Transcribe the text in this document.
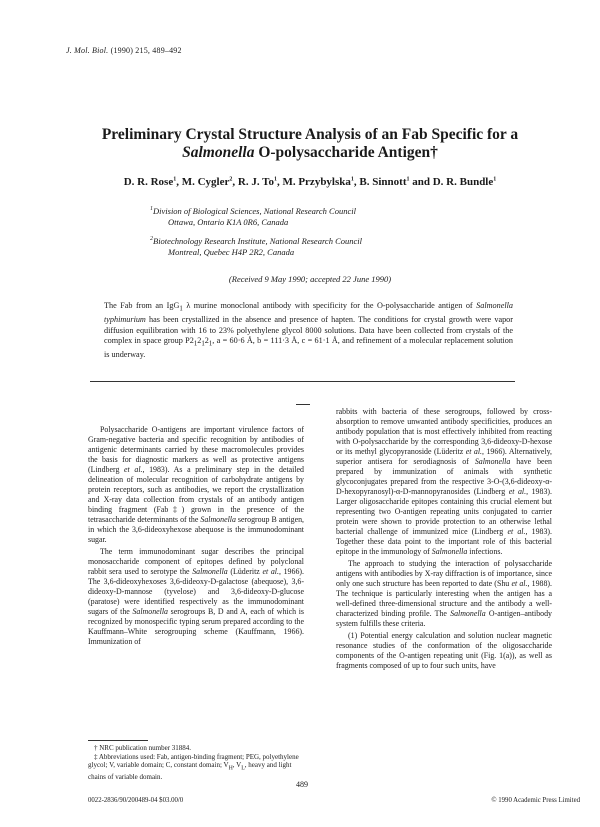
J. Mol. Biol. (1990) 215, 489–492
Preliminary Crystal Structure Analysis of an Fab Specific for a
Salmonella O-polysaccharide Antigen†
D. R. Rose$^1$, M. Cygler$^2$, R. J. To$^1$, M. Przybylska$^1$, B. Sinnott$^1$ and D. R. Bundle$^1$
$^1$Division of Biological Sciences, National Research Council
Ottawa, Ontario K1A 0R6, Canada
$^2$Biotechnology Research Institute, National Research Council
Montreal, Quebec H4P 2R2, Canada
(Received 9 May 1990; accepted 22 June 1990)
The Fab from an IgG$_1$ λ murine monoclonal antibody with specificity for the O-polysaccharide antigen of Salmonella typhimurium has been crystallized in the absence and presence of hapten. The conditions for crystal growth were vapor diffusion equilibration with 16 to 23% polyethylene glycol 8000 solutions. Data have been collected from crystals of the complex in space group $P2_12_12_1$, a = 60·6 Å, b = 111·3 Å, c = 61·1 Å, and refinement of a molecular replacement solution is underway.

Polysaccharide O-antigens are important virulence factors of Gram-negative bacteria and specific recognition by antibodies of antigenic determinants carried by these macromolecules provides the basis for diagnostic markers as well as protective antigens (Lindberg et al., 1983). As a preliminary step in the detailed delineation of molecular recognition of carbohydrate antigens by protein receptors, such as antibodies, we report the crystallization and X-ray data collection from crystals of an antibody antigen binding fragment (Fab‡) grown in the presence of the tetrasaccharide determinants of the Salmonella serogroup B antigen, in which the 3,6-dideoxyhexose abequose is the immunodominant sugar.

The term immunodominant sugar describes the principal monosaccharide component of epitopes defined by polyclonal rabbit sera used to serotype the Salmonella (Lüderitz et al., 1966). The 3,6-dideoxyhexoses 3,6-dideoxy-D-galactose (abequose), 3,6-dideoxy-D-mannose (tyvelose) and 3,6-dideoxy-D-glucose (paratose) were identified respectively as the immunodominant sugars of the Salmonella serogroups B, D and A, each of which is recognized by monospecific typing serum prepared according to the Kauffmann–White serogrouping scheme (Kauffmann, 1966). Immunization of

rabbits with bacteria of these serogroups, followed by cross-absorption to remove unwanted antibody specificities, produces an antibody population that is most effectively inhibited from reacting with O-polysaccharide by the corresponding 3,6-dideoxy-D-hexose or its methyl glycopyranoside (Lüderitz et al., 1966). Alternatively, superior antisera for serodiagnosis of Salmonella have been prepared by immunization of animals with synthetic glycoconjugates prepared from the respective 3-O-(3,6-dideoxy-α-D-hexopyranosyl)-α-D-mannopyranosides (Lindberg et al., 1983). Larger oligosaccharide epitopes containing this crucial element but representing two O-antigen repeating units conjugated to carrier protein were shown to provide protection to an otherwise lethal bacterial challenge of immunized mice (Lindberg et al., 1983). Together these data point to the important role of this bacterial epitope in the immunology of Salmonella infections.

The approach to studying the interaction of polysaccharide antigens with antibodies by X-ray diffraction is of importance, since only one such structure has been reported to date (Shu et al., 1988). The technique is particularly interesting when the antigen has a well-defined three-dimensional structure and the antibody a well-characterized binding profile. The Salmonella O-antigen–antibody system fulfills these criteria.

(1) Potential energy calculation and solution nuclear magnetic resonance studies of the conformation of the oligosaccharide components of the O-antigen repeating unit (Fig. 1(a)), as well as fragments composed of up to four such units, have

† NRC publication number 31884.

‡ Abbreviations used: Fab, antigen-binding fragment; PEG, polyethylene glycol; V, variable domain; C, constant domain; $V_H$, $V_L$, heavy and light chains of variable domain.

489
0022-2836/90/200489-04 $03.00/0	© 1990 Academic Press Limited
